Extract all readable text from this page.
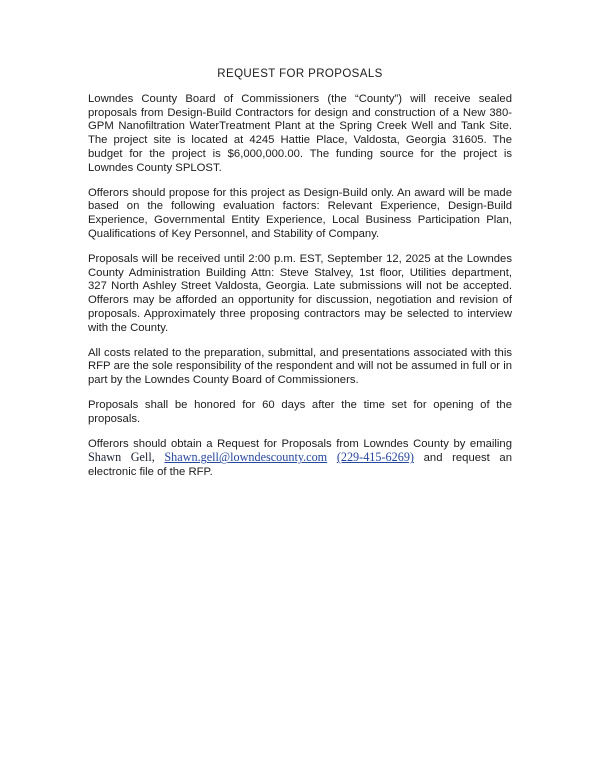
REQUEST FOR PROPOSALS

Lowndes County Board of Commissioners (the “County”) will receive sealed proposals from Design-Build Contractors for design and construction of a New 380-GPM Nanofiltration WaterTreatment Plant at the Spring Creek Well and Tank Site. The project site is located at 4245 Hattie Place, Valdosta, Georgia 31605. The budget for the project is $6,000,000.00. The funding source for the project is Lowndes County SPLOST.

Offerors should propose for this project as Design-Build only. An award will be made based on the following evaluation factors: Relevant Experience, Design-Build Experience, Governmental Entity Experience, Local Business Participation Plan, Qualifications of Key Personnel, and Stability of Company.

Proposals will be received until 2:00 p.m. EST, September 12, 2025 at the Lowndes County Administration Building Attn: Steve Stalvey, 1st floor, Utilities department, 327 North Ashley Street Valdosta, Georgia. Late submissions will not be accepted. Offerors may be afforded an opportunity for discussion, negotiation and revision of proposals. Approximately three proposing contractors may be selected to interview with the County.

All costs related to the preparation, submittal, and presentations associated with this RFP are the sole responsibility of the respondent and will not be assumed in full or in part by the Lowndes County Board of Commissioners.

Proposals shall be honored for 60 days after the time set for opening of the proposals.

Offerors should obtain a Request for Proposals from Lowndes County by emailing Shawn Gell, Shawn.gell@lowndescounty.com (229-415-6269) and request an electronic file of the RFP.
